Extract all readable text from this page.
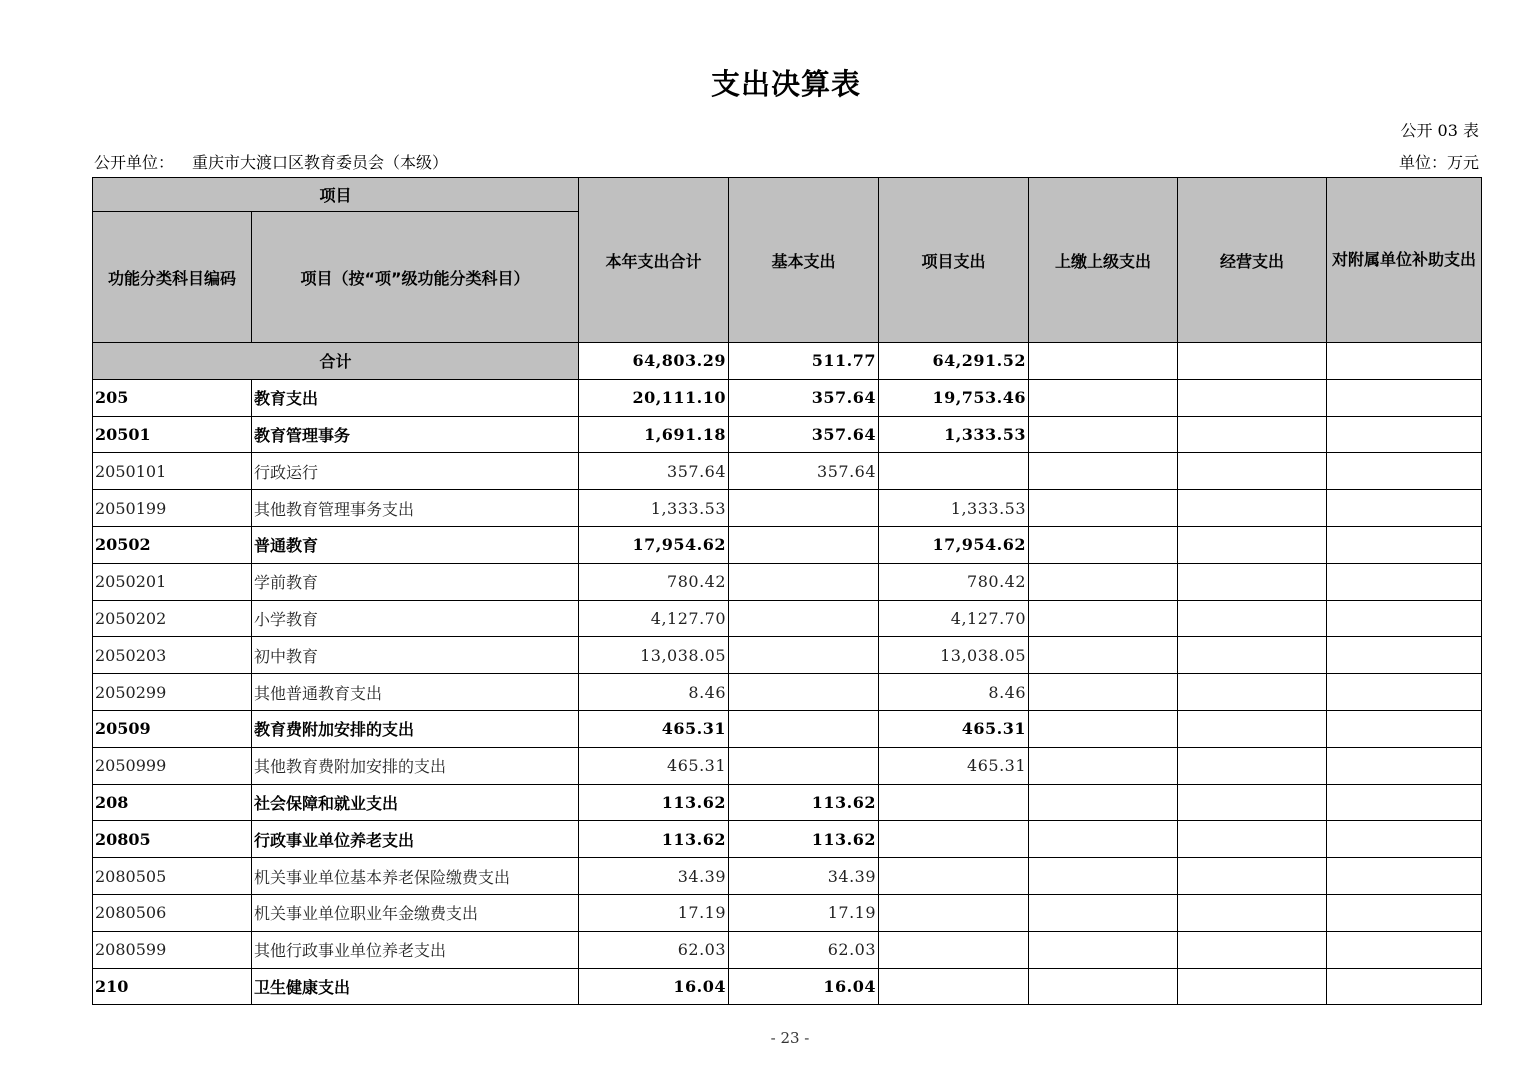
支出决算表
公开 03 表
公开单位： 重庆市大渡口区教育委员会（本级）	单位：万元
项目		本年支出合计	基本支出	项目支出	上缴上级支出	经营支出	对附属单位补助支出
功能分类科目编码	项目（按“项”级功能分类科目）						
合计		64,803.29	511.77	64,291.52			
205	教育支出	20,111.10	357.64	19,753.46			
20501	教育管理事务	1,691.18	357.64	1,333.53			
2050101	行政运行	357.64	357.64				
2050199	其他教育管理事务支出	1,333.53		1,333.53			
20502	普通教育	17,954.62		17,954.62			
2050201	学前教育	780.42		780.42			
2050202	小学教育	4,127.70		4,127.70			
2050203	初中教育	13,038.05		13,038.05			
2050299	其他普通教育支出	8.46		8.46			
20509	教育费附加安排的支出	465.31		465.31			
2050999	其他教育费附加安排的支出	465.31		465.31			
208	社会保障和就业支出	113.62	113.62				
20805	行政事业单位养老支出	113.62	113.62				
2080505	机关事业单位基本养老保险缴费支出	34.39	34.39				
2080506	机关事业单位职业年金缴费支出	17.19	17.19				
2080599	其他行政事业单位养老支出	62.03	62.03				
210	卫生健康支出	16.04	16.04				
- 23 -
